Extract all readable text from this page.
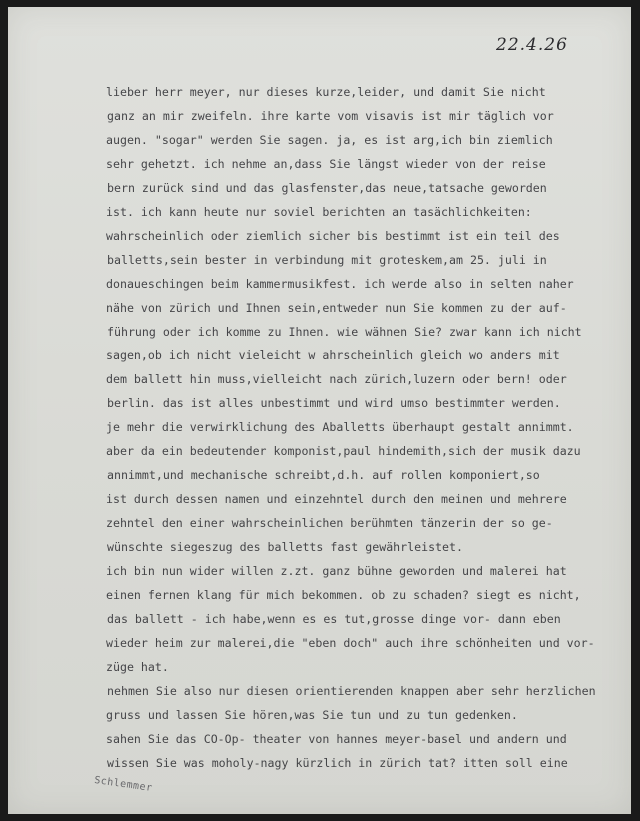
22.4.26
lieber herr meyer, nur dieses kurze,leider, und damit Sie nicht
ganz an mir zweifeln. ihre karte vom visavis ist mir täglich vor
augen. "sogar" werden Sie sagen. ja, es ist arg,ich bin ziemlich
sehr gehetzt. ich nehme an,dass Sie längst wieder von der reise
bern zurück sind und das glasfenster,das neue,tatsache geworden
ist. ich kann heute nur soviel berichten an tasächlichkeiten:
wahrscheinlich oder ziemlich sicher bis bestimmt ist ein teil des
balletts,sein bester in verbindung mit groteskem,am 25. juli in
donaueschingen beim kammermusikfest. ich werde also in selten naher
nähe von zürich und Ihnen sein,entweder nun Sie kommen zu der auf-
führung oder ich komme zu Ihnen. wie wähnen Sie? zwar kann ich nicht
sagen,ob ich nicht vieleicht w ahrscheinlich gleich wo anders mit
dem ballett hin muss,vielleicht nach zürich,luzern oder bern! oder
berlin. das ist alles unbestimmt und wird umso bestimmter werden.
je mehr die verwirklichung des Aballetts überhaupt gestalt annimmt.
aber da ein bedeutender komponist,paul hindemith,sich der musik dazu
annimmt,und mechanische schreibt,d.h. auf rollen komponiert,so
ist durch dessen namen und einzehntel durch den meinen und mehrere
zehntel den einer wahrscheinlichen berühmten tänzerin der so ge-
wünschte siegeszug des balletts fast gewährleistet.
ich bin nun wider willen z.zt. ganz bühne geworden und malerei hat
einen fernen klang für mich bekommen. ob zu schaden? siegt es nicht,
das ballett - ich habe,wenn es es tut,grosse dinge vor- dann eben
wieder heim zur malerei,die "eben doch" auch ihre schönheiten und vor-
züge hat.
nehmen Sie also nur diesen orientierenden knappen aber sehr herzlichen
gruss und lassen Sie hören,was Sie tun und zu tun gedenken.
sahen Sie das CO-Op- theater von hannes meyer-basel und andern und
wissen Sie was moholy-nagy kürzlich in zürich tat? itten soll eine
Schlemmer
